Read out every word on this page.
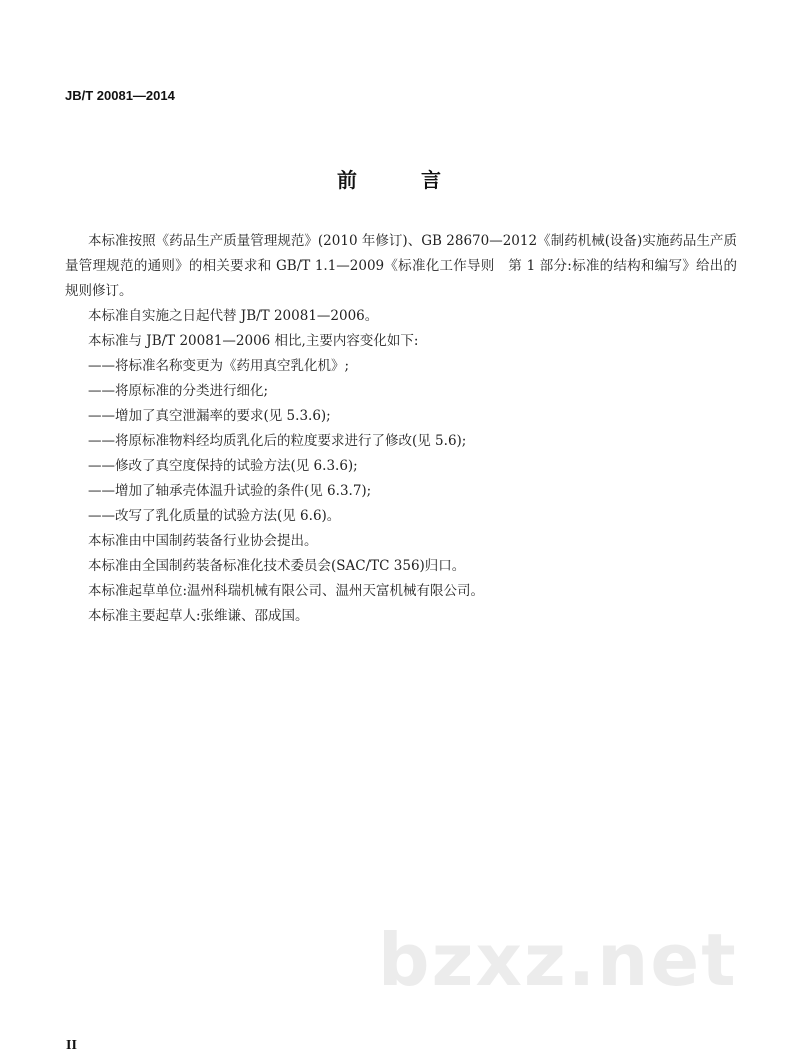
JB/T 20081—2014
前　言

本标准按照《药品生产质量管理规范》(2010 年修订)、GB 28670—2012《制药机械(设备)实施药品生产质量管理规范的通则》的相关要求和 GB/T 1.1—2009《标准化工作导则　第 1 部分:标准的结构和编写》给出的规则修订。

本标准自实施之日起代替 JB/T 20081—2006。

本标准与 JB/T 20081—2006 相比,主要内容变化如下:

——将标准名称变更为《药用真空乳化机》;

——将原标准的分类进行细化;

——增加了真空泄漏率的要求(见 5.3.6);

——将原标准物料经均质乳化后的粒度要求进行了修改(见 5.6);

——修改了真空度保持的试验方法(见 6.3.6);

——增加了轴承壳体温升试验的条件(见 6.3.7);

——改写了乳化质量的试验方法(见 6.6)。

本标准由中国制药装备行业协会提出。

本标准由全国制药装备标准化技术委员会(SAC/TC 356)归口。

本标准起草单位:温州科瑞机械有限公司、温州天富机械有限公司。

本标准主要起草人:张维谦、邵成国。

bzxz.net
II
